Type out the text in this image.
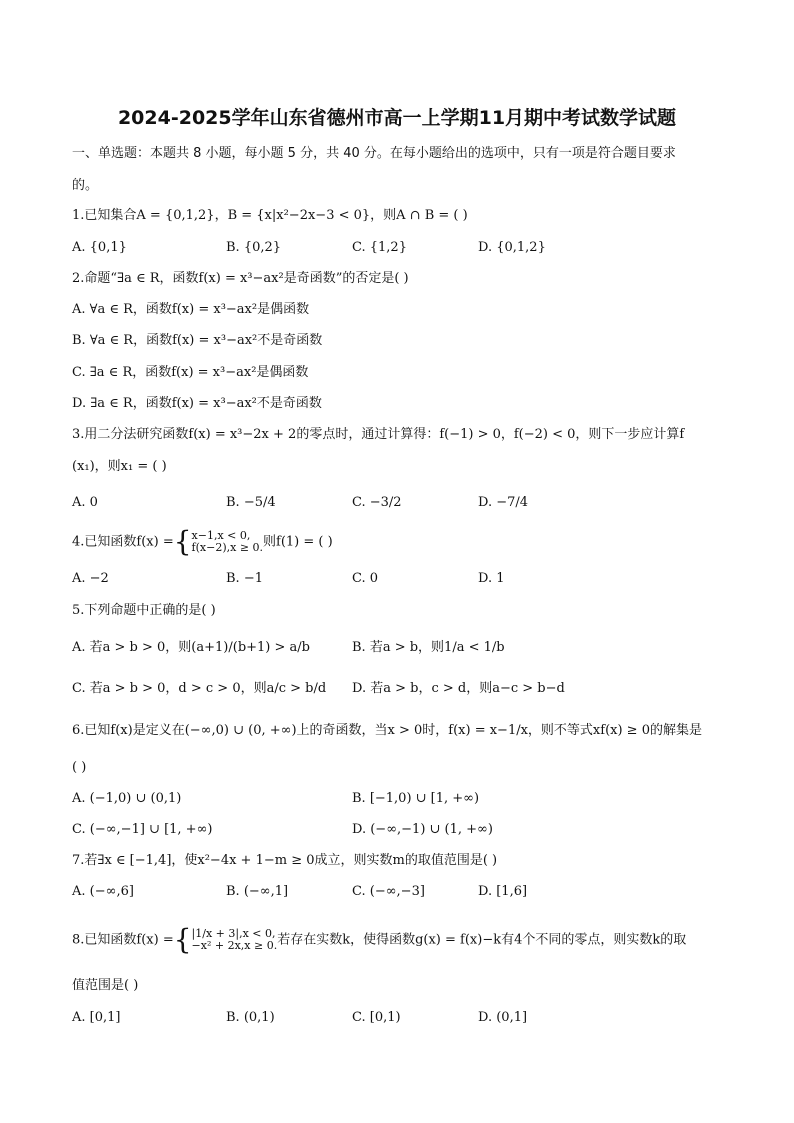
2024-2025学年山东省德州市高一上学期11月期中考试数学试题
一、单选题：本题共 8 小题，每小题 5 分，共 40 分。在每小题给出的选项中，只有一项是符合题目要求
的。
1.已知集合A = {0,1,2}，B = {x|x²−2x−3 < 0}，则A ∩ B = ( )
A. {0,1}	B. {0,2}	C. {1,2}	D. {0,1,2}
2.命题“∃a ∈ R，函数f(x) = x³−ax²是奇函数”的否定是( )
A. ∀a ∈ R，函数f(x) = x³−ax²是偶函数
B. ∀a ∈ R，函数f(x) = x³−ax²不是奇函数
C. ∃a ∈ R，函数f(x) = x³−ax²是偶函数
D. ∃a ∈ R，函数f(x) = x³−ax²不是奇函数
3.用二分法研究函数f(x) = x³−2x + 2的零点时，通过计算得：f(−1) > 0，f(−2) < 0，则下一步应计算f
(x₁)，则x₁ = ( )
A. 0	B. −5/4	C. −3/2	D. −7/4
4.已知函数f(x) ={ x−1,x < 0,
f(x−2),x ≥ 0. 则f(1) = ( )
A. −2	B. −1	C. 0	D. 1
5.下列命题中正确的是( )
A. 若a > b > 0，则(a+1)/(b+1) > a/b	B. 若a > b，则1/a < 1/b
C. 若a > b > 0，d > c > 0，则a/c > b/d D. 若a > b，c > d，则a−c > b−d
6.已知f(x)是定义在(−∞,0) ∪ (0, +∞)上的奇函数，当x > 0时，f(x) = x−1/x，则不等式xf(x) ≥ 0的解集是
( )
A. (−1,0) ∪ (0,1)	B. [−1,0) ∪ [1, +∞)
C. (−∞,−1] ∪ [1, +∞)	D. (−∞,−1) ∪ (1, +∞)
7.若∃x ∈ [−1,4]，使x²−4x + 1−m ≥ 0成立，则实数m的取值范围是( )
A. (−∞,6]	B. (−∞,1]	C. (−∞,−3]	D. [1,6]
8.已知函数f(x) ={ |1/x + 3|,x < 0,
−x² + 2x,x ≥ 0. 若存在实数k，使得函数g(x) = f(x)−k有4个不同的零点，则实数k的取
值范围是( )
A. [0,1]	B. (0,1)	C. [0,1)	D. (0,1]
